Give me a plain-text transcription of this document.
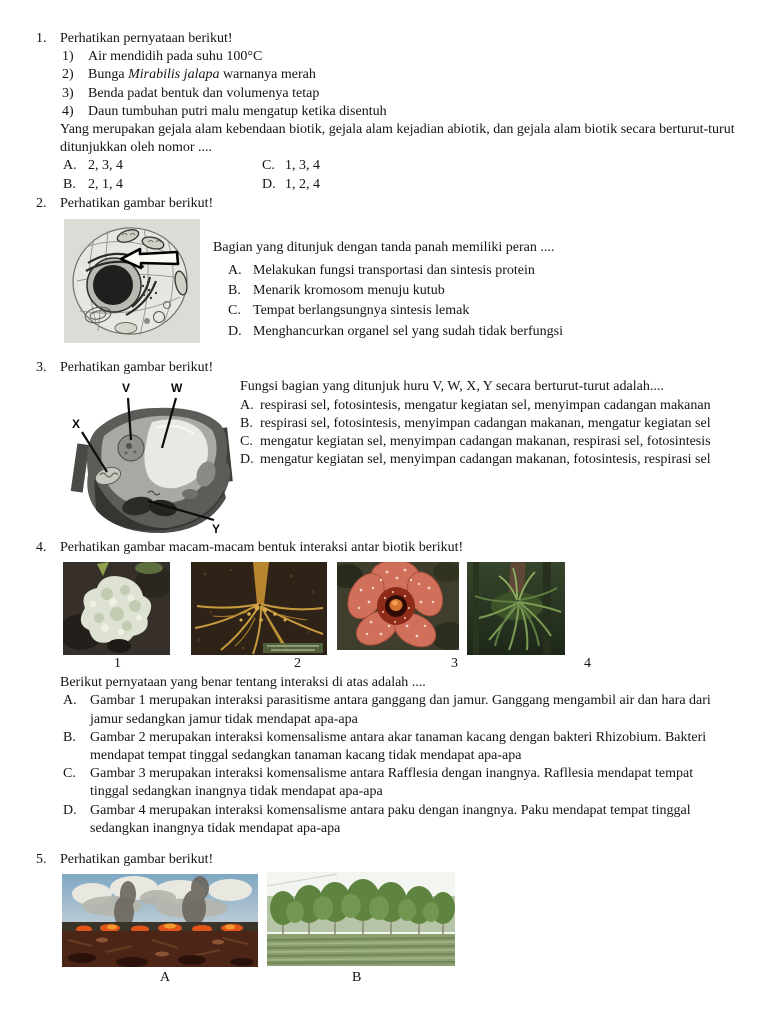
1. Perhatikan pernyataan berikut!
1)	Air mendidih pada suhu 100°C
2)	Bunga Mirabilis jalapa warnanya merah
3)	Benda padat bentuk dan volumenya tetap
4)	Daun tumbuhan putri malu mengatup ketika disentuh
Yang merupakan gejala alam kebendaan biotik, gejala alam kejadian abiotik, dan gejala alam biotik secara berturut-turut ditunjukkan oleh nomor ....
A. 2, 3, 4	C. 1, 3, 4
B. 2, 1, 4	D. 1, 2, 4
2. Perhatikan gambar berikut!
Bagian yang ditunjuk dengan tanda panah memiliki peran ....
A. Melakukan fungsi transportasi dan sintesis protein
B. Menarik kromosom menuju kutub
C. Tempat berlangsungnya sintesis lemak
D. Menghancurkan organel sel yang sudah tidak berfungsi
3. Perhatikan gambar berikut!
V	W
X
Y
Fungsi bagian yang ditunjuk huru V, W, X, Y secara berturut-turut adalah....
A. respirasi sel, fotosintesis, mengatur kegiatan sel, menyimpan cadangan makanan
B. respirasi sel, fotosintesis, menyimpan cadangan makanan, mengatur kegiatan sel
C. mengatur kegiatan sel, menyimpan cadangan makanan, respirasi sel, fotosintesis
D. mengatur kegiatan sel, menyimpan cadangan makanan, fotosintesis, respirasi sel
4. Perhatikan gambar macam-macam bentuk interaksi antar biotik berikut!
1	2	3	4
Berikut pernyataan yang benar tentang interaksi di atas adalah ....
A. Gambar 1 merupakan interaksi parasitisme antara ganggang dan jamur. Ganggang mengambil air dan hara dari jamur sedangkan jamur tidak mendapat apa-apa
B. Gambar 2 merupakan interaksi komensalisme antara akar tanaman kacang dengan bakteri Rhizobium. Bakteri mendapat tempat tinggal sedangkan tanaman kacang tidak mendapat apa-apa
C. Gambar 3 merupakan interaksi komensalisme antara Rafflesia dengan inangnya. Rafllesia mendapat tempat tinggal sedangkan inangnya tidak mendapat apa-apa
D. Gambar 4 merupakan interaksi komensalisme antara paku dengan inangnya. Paku mendapat tempat tinggal sedangkan inangnya tidak mendapat apa-apa
5. Perhatikan gambar berikut!
A	B
